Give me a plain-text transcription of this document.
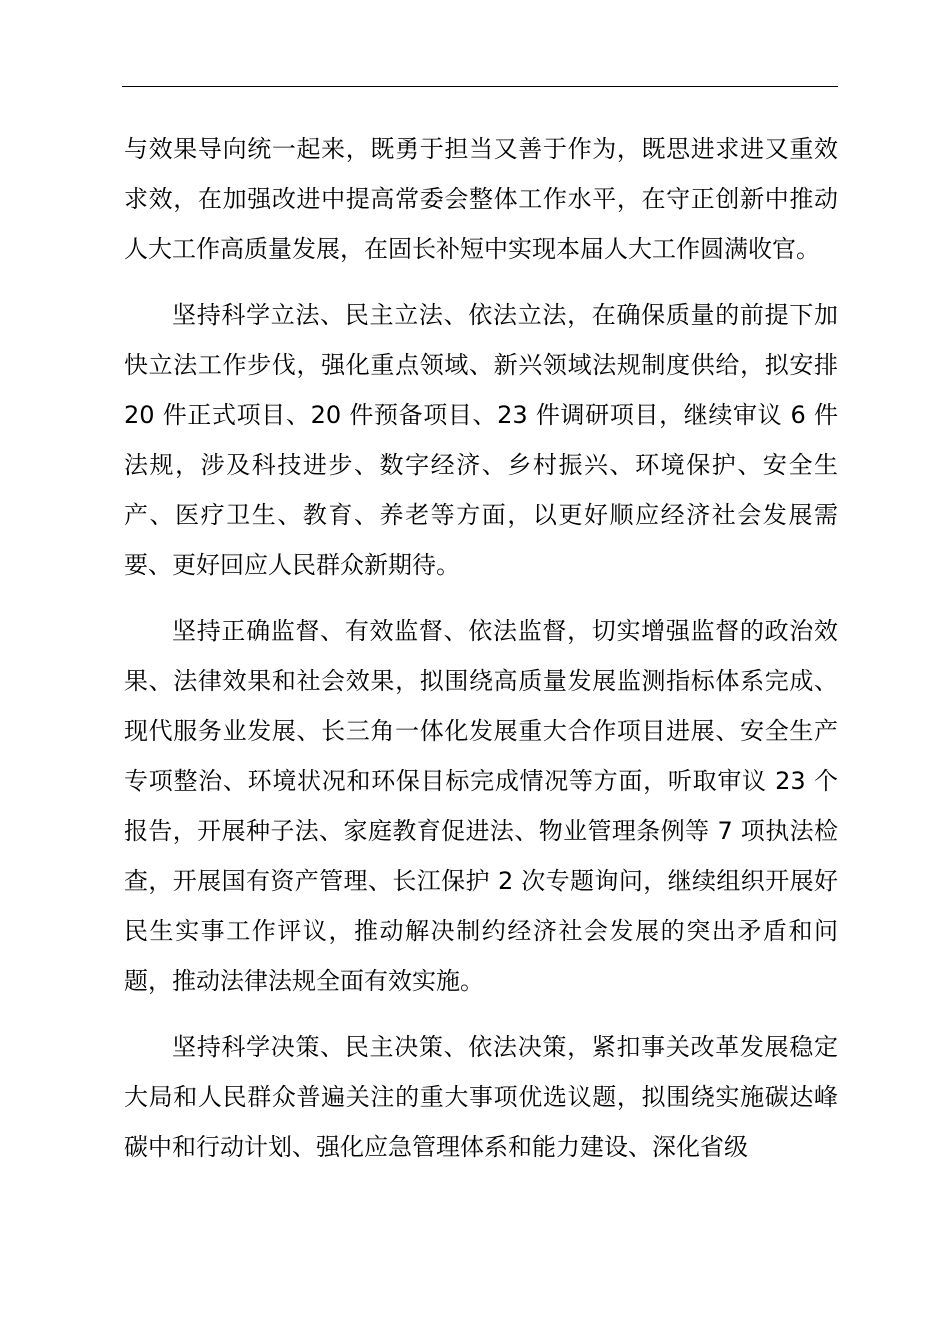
与效果导向统一起来，既勇于担当又善于作为，既思进求进又重效求效，在加强改进中提高常委会整体工作水平，在守正创新中推动人大工作高质量发展，在固长补短中实现本届人大工作圆满收官。

坚持科学立法、民主立法、依法立法，在确保质量的前提下加快立法工作步伐，强化重点领域、新兴领域法规制度供给，拟安排 20 件正式项目、20 件预备项目、23 件调研项目，继续审议 6 件法规，涉及科技进步、数字经济、乡村振兴、环境保护、安全生产、医疗卫生、教育、养老等方面，以更好顺应经济社会发展需要、更好回应人民群众新期待。

坚持正确监督、有效监督、依法监督，切实增强监督的政治效果、法律效果和社会效果，拟围绕高质量发展监测指标体系完成、现代服务业发展、长三角一体化发展重大合作项目进展、安全生产专项整治、环境状况和环保目标完成情况等方面，听取审议 23 个报告，开展种子法、家庭教育促进法、物业管理条例等 7 项执法检查，开展国有资产管理、长江保护 2 次专题询问，继续组织开展好民生实事工作评议，推动解决制约经济社会发展的突出矛盾和问题，推动法律法规全面有效实施。

坚持科学决策、民主决策、依法决策，紧扣事关改革发展稳定大局和人民群众普遍关注的重大事项优选议题，拟围绕实施碳达峰碳中和行动计划、强化应急管理体系和能力建设、深化省级
